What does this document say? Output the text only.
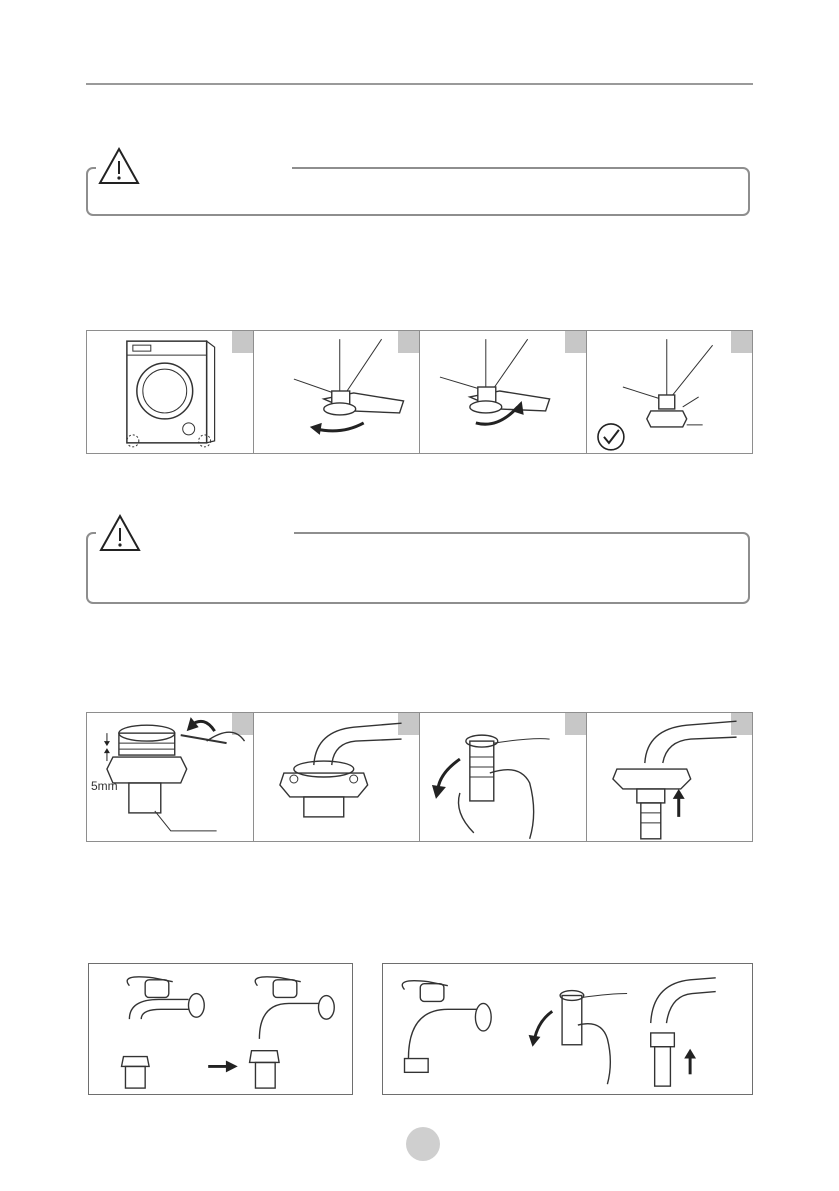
5mm
